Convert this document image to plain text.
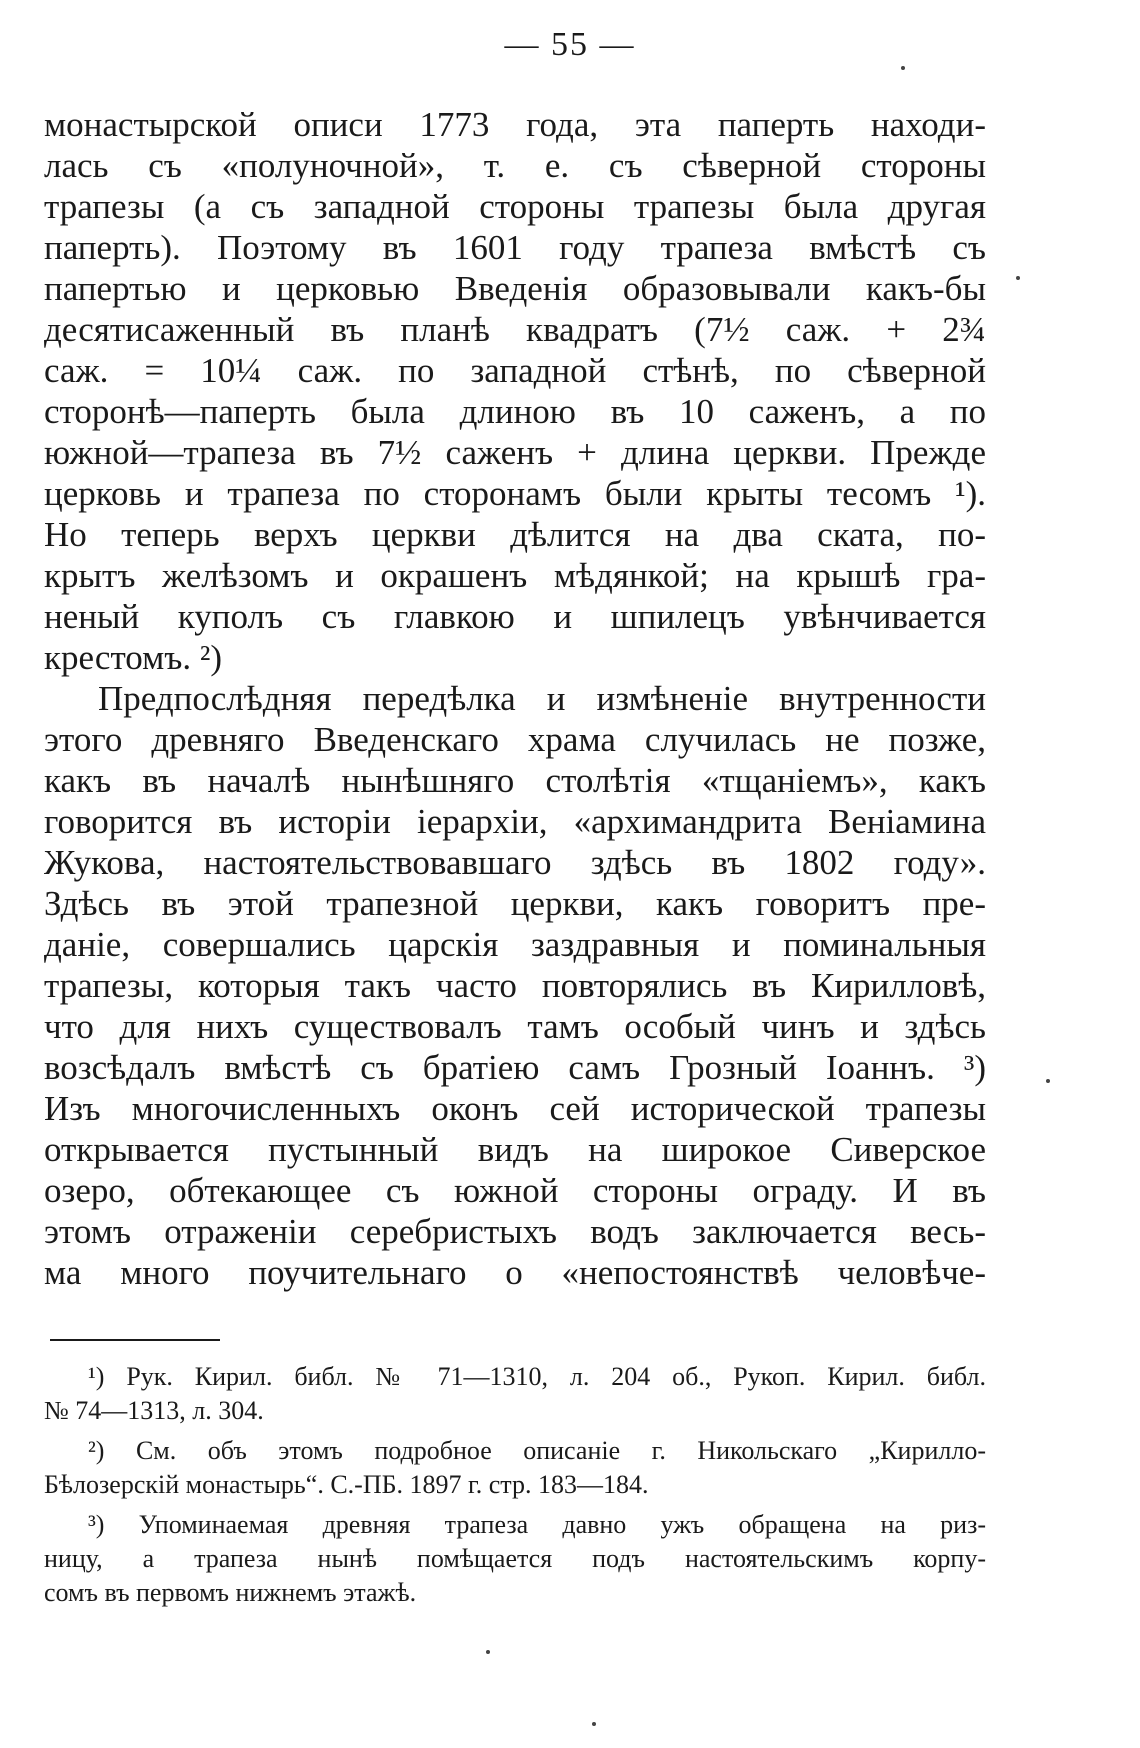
— 55 —
монастырской описи 1773 года, эта паперть находи-
лась съ «полуночной», т. е. съ сѣверной стороны
трапезы (а съ западной стороны трапезы была другая
паперть). Поэтому въ 1601 году трапеза вмѣстѣ съ
папертью и церковью Введенія образовывали какъ-бы
десятисаженный въ планѣ квадратъ (7½ саж. + 2¾
саж. = 10¼ саж. по западной стѣнѣ, по сѣверной
сторонѣ—паперть была длиною въ 10 саженъ, а по
южной—трапеза въ 7½ саженъ + длина церкви. Прежде
церковь и трапеза по сторонамъ были крыты тесомъ ¹).
Но теперь верхъ церкви дѣлится на два ската, по-
крытъ желѣзомъ и окрашенъ мѣдянкой; на крышѣ гра-
неный куполъ съ главкою и шпилецъ увѣнчивается
крестомъ. ²)
Предпослѣдняя передѣлка и измѣненіе внутренности
этого древняго Введенскаго храма случилась не позже,
какъ въ началѣ нынѣшняго столѣтія «тщаніемъ», какъ
говорится въ исторіи іерархіи, «архимандрита Веніамина
Жукова, настоятельствовавшаго здѣсь въ 1802 году».
Здѣсь въ этой трапезной церкви, какъ говоритъ пре-
даніе, совершались царскія заздравныя и поминальныя
трапезы, которыя такъ часто повторялись въ Кирилловѣ,
что для нихъ существовалъ тамъ особый чинъ и здѣсь
возсѣдалъ вмѣстѣ съ братіею самъ Грозный Іоаннъ. ³)
Изъ многочисленныхъ оконъ сей исторической трапезы
открывается пустынный видъ на широкое Сиверское
озеро, обтекающее съ южной стороны ограду. И въ
этомъ отраженіи серебристыхъ водъ заключается весь-
ма много поучительнаго о «непостоянствѣ человѣче-
¹) Рук. Кирил. библ. № 71—1310, л. 204 об., Рукоп. Кирил. библ.
№ 74—1313, л. 304.
²) См. объ этомъ подробное описаніе г. Никольскаго „Кирилло-
Бѣлозерскій монастырь“. С.-ПБ. 1897 г. стр. 183—184.
³) Упоминаемая древняя трапеза давно ужъ обращена на риз-
ницу, а трапеза нынѣ помѣщается подъ настоятельскимъ корпу-
сомъ въ первомъ нижнемъ этажѣ.
